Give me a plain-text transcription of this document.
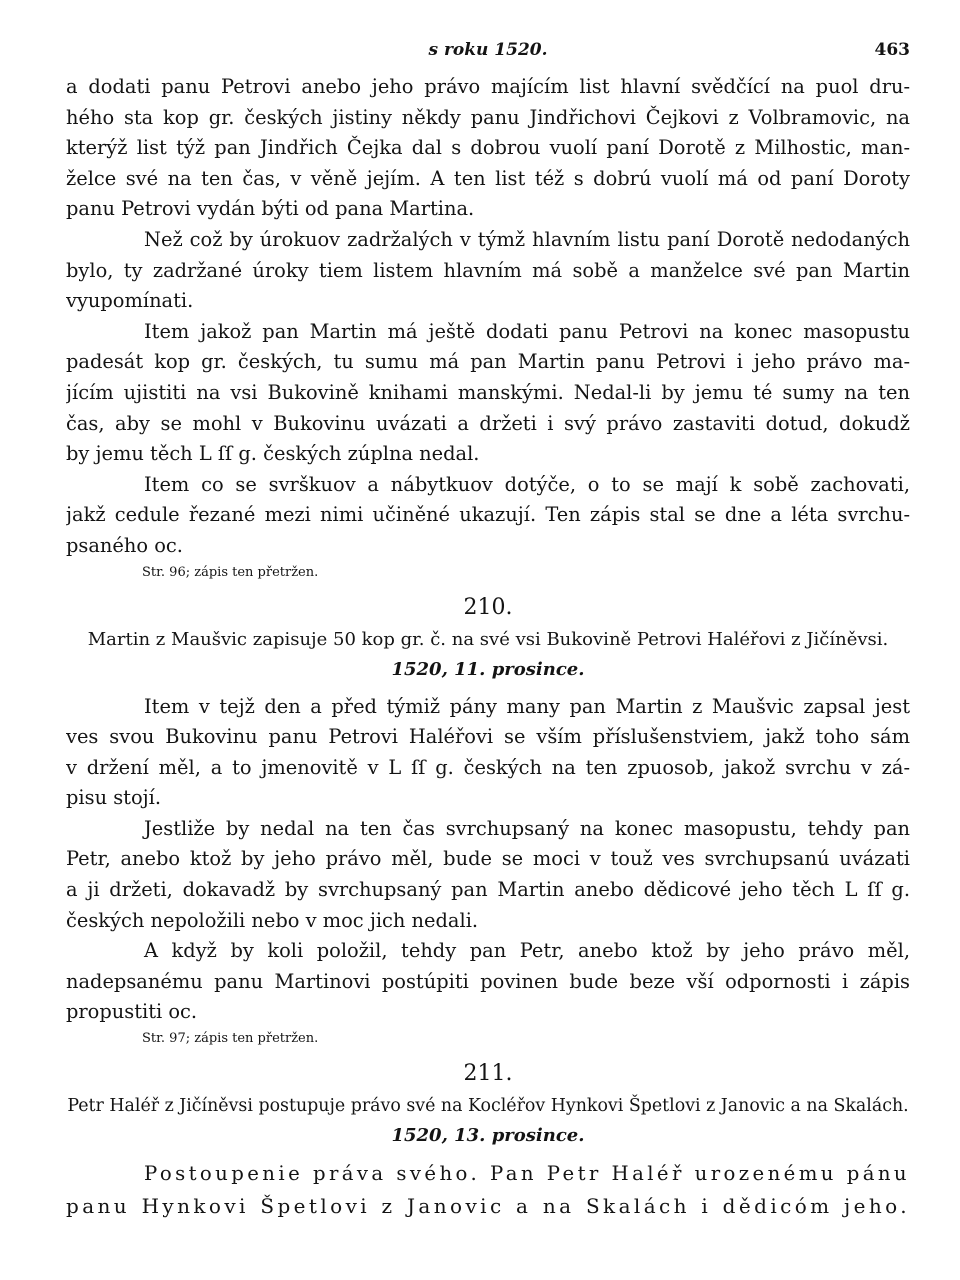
s roku 1520.	463
a dodati panu Petrovi anebo jeho právo majícím list hlavní svědčící na puol dru-
hého sta kop gr. českých jistiny někdy panu Jindřichovi Čejkovi z Volbramovic, na
kterýž list týž pan Jindřich Čejka dal s dobrou vuolí paní Dorotě z Milhostic, man-
želce své na ten čas, v věně jejím. A ten list též s dobrú vuolí má od paní Doroty
panu Petrovi vydán býti od pana Martina.
Než což by úrokuov zadržalých v týmž hlavním listu paní Dorotě nedodaných
bylo, ty zadržané úroky tiem listem hlavním má sobě a manželce své pan Martin
vyupomínati.
Item jakož pan Martin má ještě dodati panu Petrovi na konec masopustu
padesát kop gr. českých, tu sumu má pan Martin panu Petrovi i jeho právo ma-
jícím ujistiti na vsi Bukovině knihami manskými. Nedal-li by jemu té sumy na ten
čas, aby se mohl v Bukovinu uvázati a držeti i svý právo zastaviti dotud, dokudž
by jemu těch L ſſ g. českých zúplna nedal.
Item co se svrškuov a nábytkuov dotýče, o to se mají k sobě zachovati,
jakž cedule řezané mezi nimi učiněné ukazují. Ten zápis stal se dne a léta svrchu-
psaného oc.
Str. 96; zápis ten přetržen.
210.
Martin z Maušvic zapisuje 50 kop gr. č. na své vsi Bukovině Petrovi Haléřovi z Jičíněvsi.
1520, 11. prosince.
Item v tejž den a před týmiž pány many pan Martin z Maušvic zapsal jest
ves svou Bukovinu panu Petrovi Haléřovi se vším příslušenstviem, jakž toho sám
v držení měl, a to jmenovitě v L ſſ g. českých na ten zpuosob, jakož svrchu v zá-
pisu stojí.
Jestliže by nedal na ten čas svrchupsaný na konec masopustu, tehdy pan
Petr, anebo ktož by jeho právo měl, bude se moci v touž ves svrchupsanú uvázati
a ji držeti, dokavadž by svrchupsaný pan Martin anebo dědicové jeho těch L ſſ g.
českých nepoložili nebo v moc jich nedali.
A když by koli položil, tehdy pan Petr, anebo ktož by jeho právo měl,
nadepsanému panu Martinovi postúpiti povinen bude beze vší odpornosti i zápis
propustiti oc.
Str. 97; zápis ten přetržen.
211.
Petr Haléř z Jičíněvsi postupuje právo své na Kocléřov Hynkovi Špetlovi z Janovic a na Skalách.
1520, 13. prosince.
Postoupenie práva svého. Pan Petr Haléř urozenému pánu
panu Hynkovi Špetlovi z Janovic a na Skalách i dědicóm jeho.
